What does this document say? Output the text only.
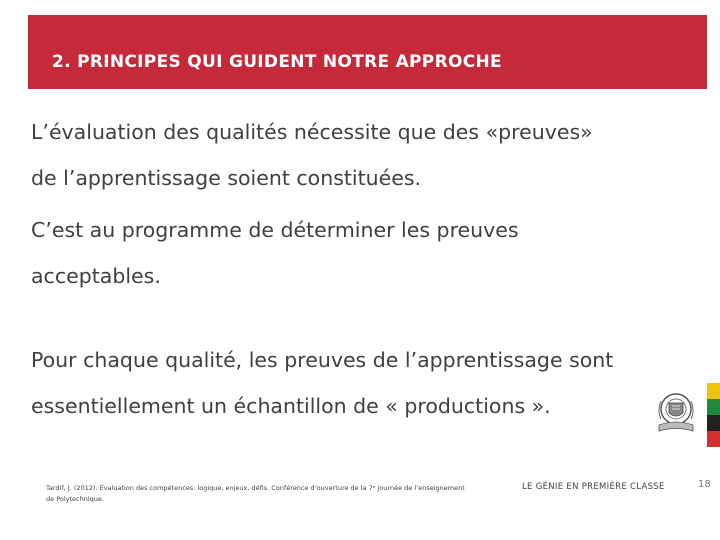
2. PRINCIPES QUI GUIDENT NOTRE APPROCHE
L’évaluation des qualités nécessite que des «preuves»
de l’apprentissage soient constituées.
C’est au programme de déterminer les preuves
acceptables.
Pour chaque qualité, les preuves de l’apprentissage sont
essentiellement un échantillon de « productions ».
Tardif, J. (2012). Évaluation des compétences: logique, enjeux, défis. Conférence d’ouverture de la 7ᵉ journée de l’enseignement de Polytechnique.
LE GÉNIE EN PREMIÈRE CLASSE	18
